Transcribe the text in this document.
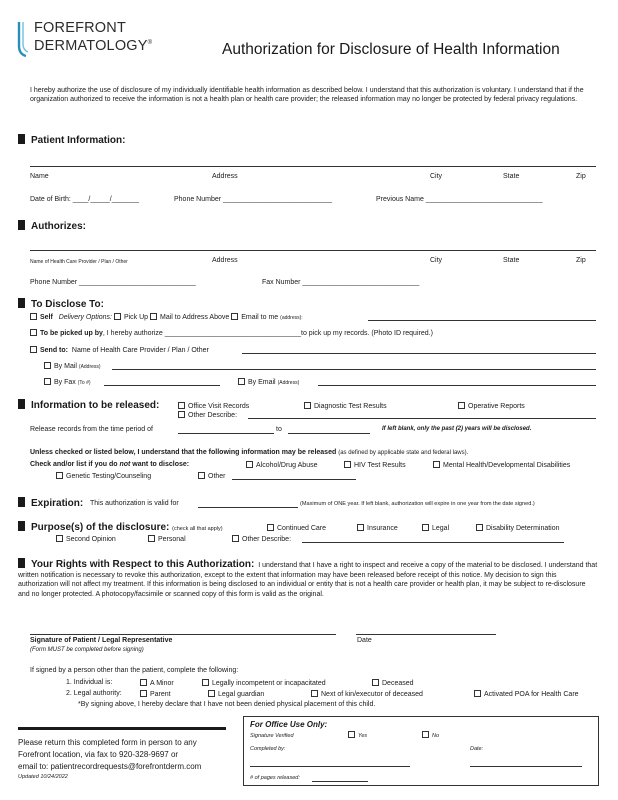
FOREFRONT
DERMATOLOGY®	Authorization for Disclosure of Health Information
I hereby authorize the use of disclosure of my individually identifiable health information as described below. I understand that this authorization is voluntary. I understand that if the organization authorized to receive the information is not a health plan or health care provider; the released information may no longer be protected by federal privacy regulations.
Patient Information:
Name	Address	City	State	Zip
Date of Birth: ____/_____/_______	Phone Number ____________________________	Previous Name ______________________________
Authorizes:
Name of Health Care Provider / Plan / Other	Address	City	State	Zip
Phone Number ______________________________	Fax Number ______________________________
To Disclose To:
Self Delivery Options: Pick Up Mail to Address Above Email to me (address):
To be picked up by, I hereby authorize ___________________________________to pick up my records. (Photo ID required.)
Send to: Name of Health Care Provider / Plan / Other
By Mail (Address)
By Fax (To #)	By Email (Address)
Information to be released:	Office Visit Records	Diagnostic Test Results	Operative Reports
Other Describe:
Release records from the time period of	to	If left blank, only the past (2) years will be disclosed.
Unless checked or listed below, I understand that the following information may be released (as defined by applicable state and federal laws).
Check and/or list if you do not want to disclose:	Alcohol/Drug Abuse	HIV Test Results	Mental Health/Developmental Disabilities
Genetic Testing/Counseling	Other
Expiration: This authorization is valid for	(Maximum of ONE year. If left blank, authorization will expire in one year from the date signed.)
Purpose(s) of the disclosure: (check all that apply)	Continued Care	Insurance	Legal	Disability Determination
Second Opinion	Personal	Other Describe:
Your Rights with Respect to this Authorization: I understand that I have a right to inspect and receive a copy of the material to be disclosed. I understand that written notification is necessary to revoke this authorization, except to the extent that information may have been released before receipt of this notice. My decision to sign this authorization will not affect my treatment. If this information is being disclosed to an individual or entity that is not a health care provider or health plan, it may be subject to re-disclosure and no longer protected. A photocopy/facsimile or scanned copy of this form is valid as the original.
Signature of Patient / Legal Representative	Date
(Form MUST be completed before signing)
If signed by a person other than the patient, complete the following:
1. Individual is:	A Minor	Legally incompetent or incapacitated	Deceased
2. Legal authority:	Parent	Legal guardian	Next of kin/executor of deceased	Activated POA for Health Care
*By signing above, I hereby declare that I have not been denied physical placement of this child.
Please return this completed form in person to any
Forefront location, via fax to 920-328-9697 or
email to: patientrecordrequests@forefrontderm.com
Updated 10/24/2022
For Office Use Only:
Signature Verified	Yes	No
Completed by:	Date:
# of pages released:
